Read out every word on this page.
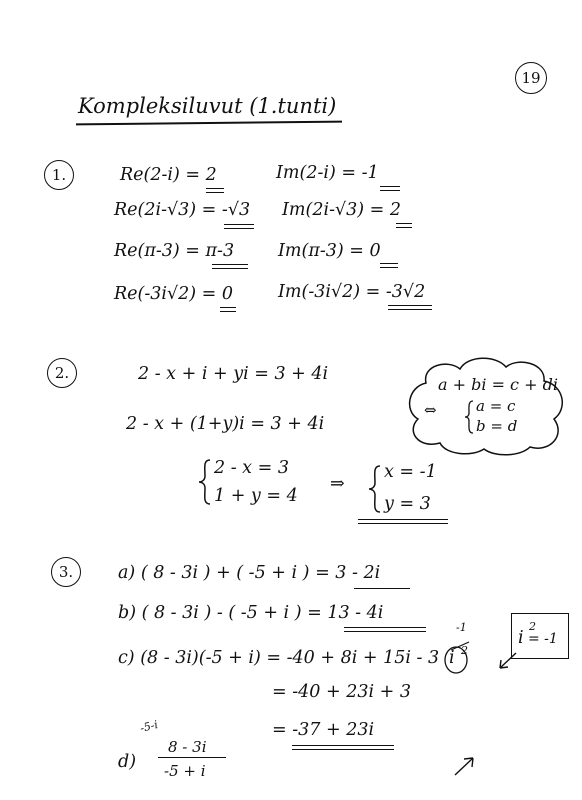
19
Kompleksiluvut (1.tunti)
1.	Re(2-i) = 2	Im(2-i) = -1
Re(2i-√3) = -√3 Im(2i-√3) = 2
Re(π-3) = π-3	Im(π-3) = 0
Re(-3i√2) = 0	Im(-3i√2) = -3√2
2.	2 - x + i + yi = 3 + 4i
2 - x + (1+y)i = 3 + 4i
2 - x = 3
1 + y = 4
⇒
x = -1
y = 3
a + bi = c + di
⇔	a = c
b = d
3.	a) ( 8 - 3i ) + ( -5 + i ) = 3 - 2i
b) ( 8 - 3i ) - ( -5 + i ) = 13 - 4i
c) (8 - 3i)(-5 + i) = -40 + 8i + 15i - 3 i 2
-1
= -40 + 23i + 3
= -37 + 23i
d)
-5-i
8 - 3i
-5 + i
i
2
= -1
